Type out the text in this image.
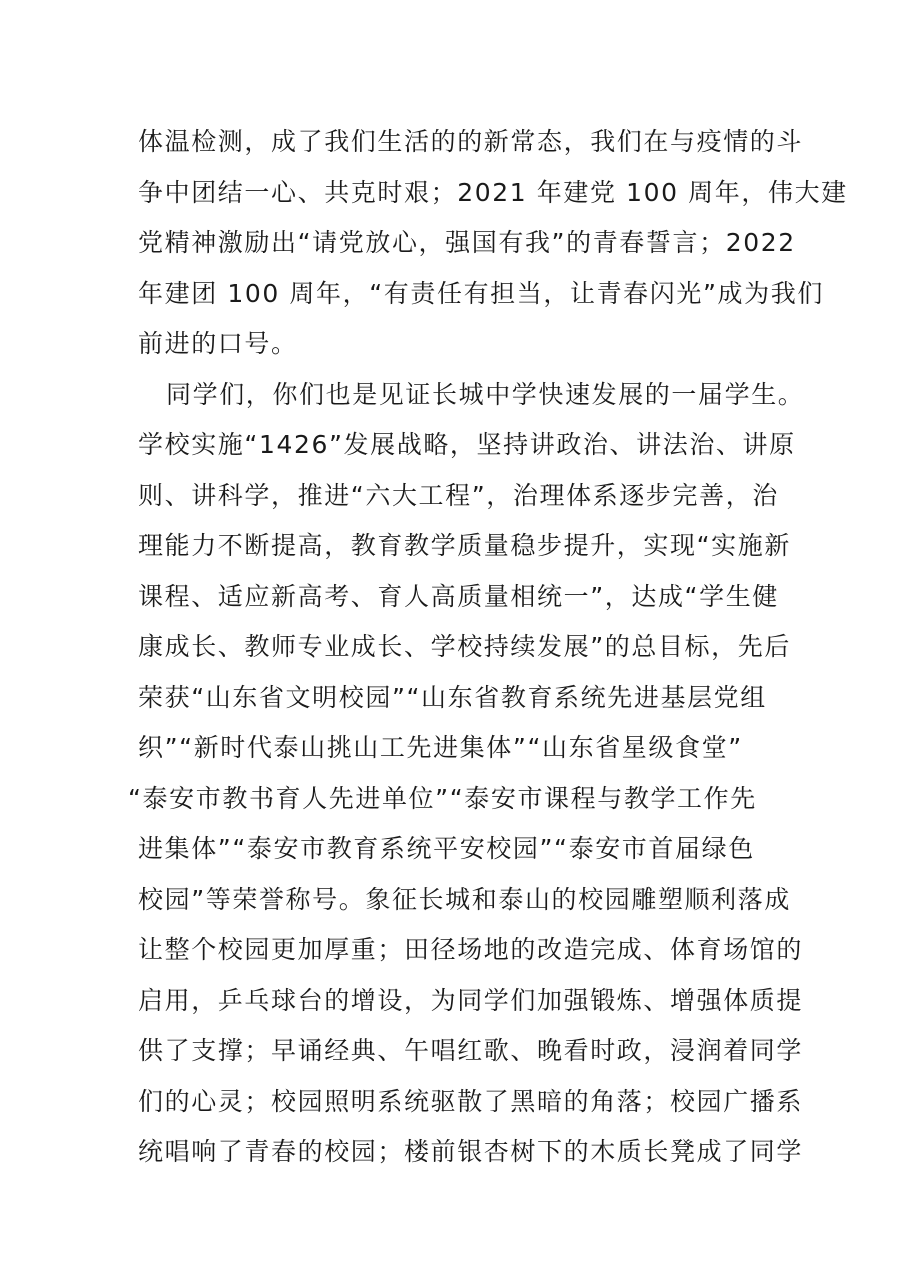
体温检测，成了我们生活的的新常态，我们在与疫情的斗
争中团结一心、共克时艰；2021 年建党 100 周年，伟大建
党精神激励出“请党放心，强国有我”的青春誓言；2022
年建团 100 周年，“有责任有担当，让青春闪光”成为我们
前进的口号。
同学们，你们也是见证长城中学快速发展的一届学生。
学校实施“1426”发展战略，坚持讲政治、讲法治、讲原
则、讲科学，推进“六大工程”，治理体系逐步完善，治
理能力不断提高，教育教学质量稳步提升，实现“实施新
课程、适应新高考、育人高质量相统一”，达成“学生健
康成长、教师专业成长、学校持续发展”的总目标，先后
荣获“山东省文明校园”“山东省教育系统先进基层党组
织”“新时代泰山挑山工先进集体”“山东省星级食堂”
“泰安市教书育人先进单位”“泰安市课程与教学工作先
进集体”“泰安市教育系统平安校园”“泰安市首届绿色
校园”等荣誉称号。象征长城和泰山的校园雕塑顺利落成
让整个校园更加厚重；田径场地的改造完成、体育场馆的
启用，乒乓球台的增设，为同学们加强锻炼、增强体质提
供了支撑；早诵经典、午唱红歌、晚看时政，浸润着同学
们的心灵；校园照明系统驱散了黑暗的角落；校园广播系
统唱响了青春的校园；楼前银杏树下的木质长凳成了同学
